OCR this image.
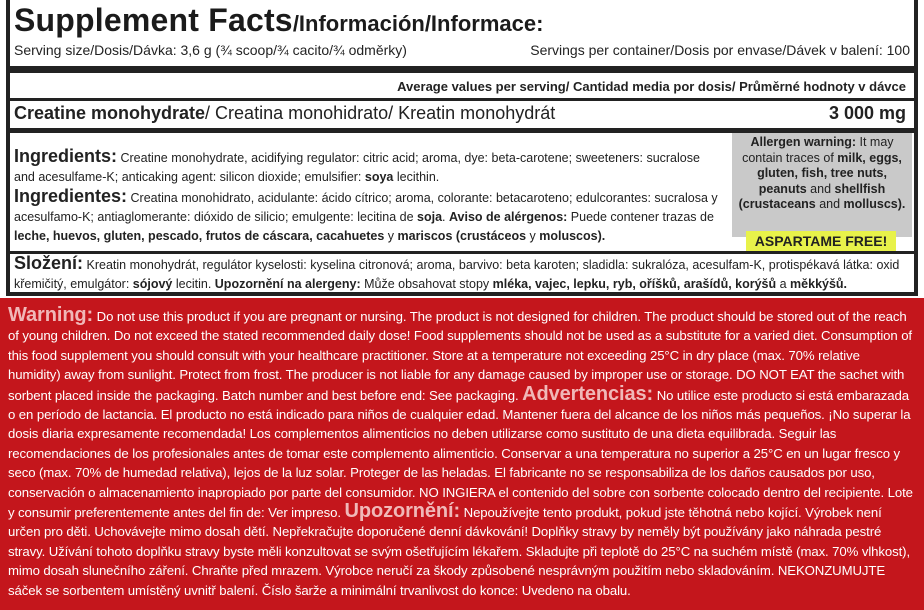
Supplement Facts/Información/Informace:
Serving size/Dosis/Dávka: 3,6 g (¾ scoop/¾ cacito/¾ odměrky)	Servings per container/Dosis por envase/Dávek v balení: 100
Average values per serving/ Cantidad media por dosis/ Průměrné hodnoty v dávce
Creatine monohydrate/ Creatina monohidrato/ Kreatin monohydrát	3 000 mg
Ingredients: Creatine monohydrate, acidifying regulator: citric acid; aroma, dye: beta-carotene; sweeteners: sucralose and acesulfame-K; anticaking agent: silicon dioxide; emulsifier: soya lecithin.
Ingredientes: Creatina monohidrato, acidulante: ácido cítrico; aroma, colorante: betacaroteno; edulcorantes: sucralosa y acesulfamo-K; antiaglomerante: dióxido de silicio; emulgente: lecitina de soja. Aviso de alérgenos: Puede contener trazas de leche, huevos, gluten, pescado, frutos de cáscara, cacahuetes y mariscos (crustáceos y moluscos).
Složení: Kreatin monohydrát, regulátor kyselosti: kyselina citronová; aroma, barvivo: beta karoten; sladidla: sukralóza, acesulfam-K, protispékavá látka: oxid křemičitý, emulgátor: sójový lecitin. Upozornění na alergeny: Může obsahovat stopy mléka, vajec, lepku, ryb, oříšků, arašídů, korýšů a měkkýšů.
Allergen warning: It may contain traces of milk, eggs, gluten, fish, tree nuts, peanuts and shellfish (crustaceans and molluscs).
ASPARTAME FREE!

Warning: Do not use this product if you are pregnant or nursing. The product is not designed for children. The product should be stored out of the reach of young children. Do not exceed the stated recommended daily dose! Food supplements should not be used as a substitute for a varied diet. Consumption of this food supplement you should consult with your healthcare practitioner. Store at a temperature not exceeding 25°C in dry place (max. 70% relative humidity) away from sunlight. Protect from frost. The producer is not liable for any damage caused by improper use or storage. DO NOT EAT the sachet with sorbent placed inside the packaging. Batch number and best before end: See packaging. Advertencias: No utilice este producto si está embarazada o en período de lactancia. El producto no está indicado para niños de cualquier edad. Mantener fuera del alcance de los niños más pequeños. ¡No superar la dosis diaria expresamente recomendada! Los complementos alimenticios no deben utilizarse como sustituto de una dieta equilibrada. Seguir las recomendaciones de los profesionales antes de tomar este complemento alimenticio. Conservar a una temperatura no superior a 25°C en un lugar fresco y seco (max. 70% de humedad relativa), lejos de la luz solar. Proteger de las heladas. El fabricante no se responsabiliza de los daños causados por uso, conservación o almacenamiento inapropiado por parte del consumidor. NO INGIERA el contenido del sobre con sorbente colocado dentro del recipiente. Lote y consumir preferentemente antes del fin de: Ver impreso. Upozornění: Nepoužívejte tento produkt, pokud jste těhotná nebo kojící. Výrobek není určen pro děti. Uchovávejte mimo dosah dětí. Nepřekračujte doporučené denní dávkování! Doplňky stravy by neměly být používány jako náhrada pestré stravy. Užívání tohoto doplňku stravy byste měli konzultovat se svým ošetřujícím lékařem. Skladujte při teplotě do 25°C na suchém místě (max. 70% vlhkost), mimo dosah slunečního záření. Chraňte před mrazem. Výrobce neručí za škody způsobené nesprávným použitím nebo skladováním. NEKONZUMUJTE sáček se sorbentem umístěný uvnitř balení. Číslo šarže a minimální trvanlivost do konce: Uvedeno na obalu.
